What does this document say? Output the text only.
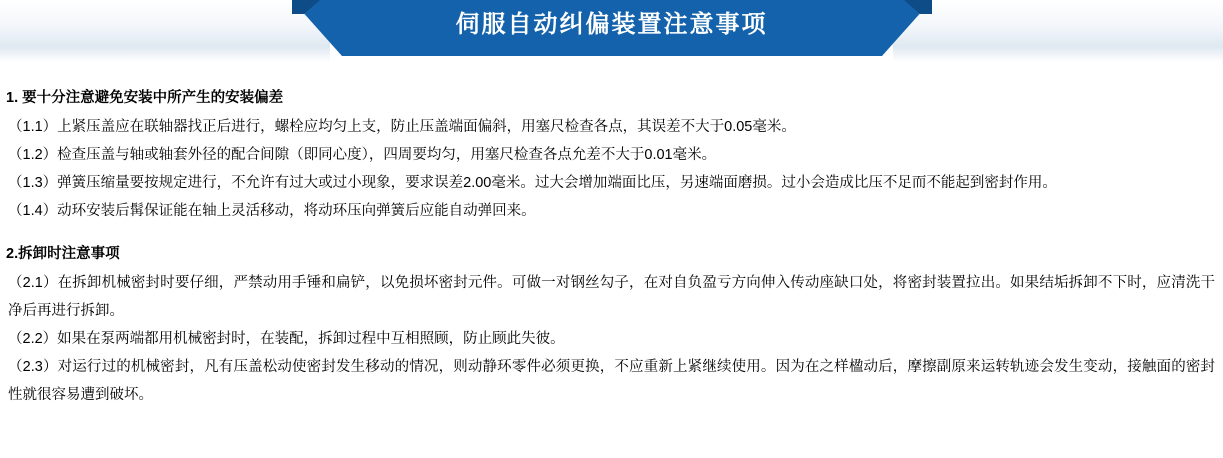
伺服自动纠偏装置注意事项
1. 要十分注意避免安装中所产生的安装偏差

（1.1）上紧压盖应在联轴器找正后进行，螺栓应均匀上支，防止压盖端面偏斜，用塞尺检查各点，其误差不大于0.05毫米。

（1.2）检查压盖与轴或轴套外径的配合间隙（即同心度），四周要均匀，用塞尺检查各点允差不大于0.01毫米。

（1.3）弹簧压缩量要按规定进行，不允许有过大或过小现象，要求误差2.00毫米。过大会增加端面比压，另速端面磨损。过小会造成比压不足而不能起到密封作用。

（1.4）动环安装后髯保证能在轴上灵活移动，将动环压向弹簧后应能自动弹回来。

2.拆卸时注意事项

（2.1）在拆卸机械密封时要仔细，严禁动用手锤和扁铲，以免损坏密封元件。可做一对钢丝勾子，在对自负盈亏方向伸入传动座缺口处，将密封装置拉出。如果结垢拆卸不下时，应清洗干净后再进行拆卸。

（2.2）如果在泵两端都用机械密封时，在装配，拆卸过程中互相照顾，防止顾此失彼。

（2.3）对运行过的机械密封，凡有压盖松动使密封发生移动的情况，则动静环零件必须更换，不应重新上紧继续使用。因为在之样楹动后，摩擦副原来运转轨迹会发生变动，接触面的密封性就很容易遭到破坏。
